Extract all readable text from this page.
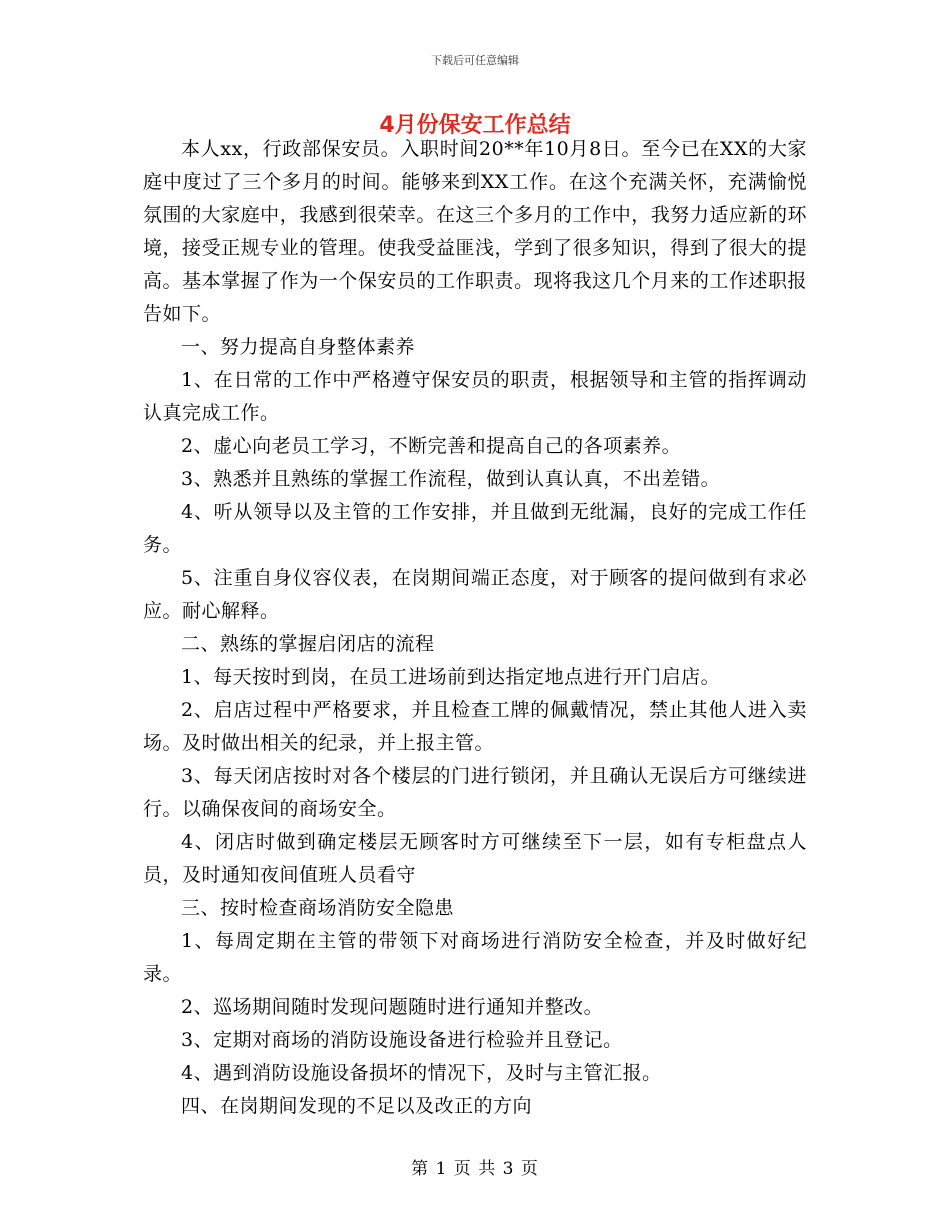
下载后可任意编辑
4月份保安工作总结

本人xx，行政部保安员。入职时间20**年10月8日。至今已在XX的大家庭中度过了三个多月的时间。能够来到XX工作。在这个充满关怀，充满愉悦氛围的大家庭中，我感到很荣幸。在这三个多月的工作中，我努力适应新的环境，接受正规专业的管理。使我受益匪浅，学到了很多知识，得到了很大的提高。基本掌握了作为一个保安员的工作职责。现将我这几个月来的工作述职报告如下。

一、努力提高自身整体素养

1、在日常的工作中严格遵守保安员的职责，根据领导和主管的指挥调动认真完成工作。

2、虚心向老员工学习，不断完善和提高自己的各项素养。

3、熟悉并且熟练的掌握工作流程，做到认真认真，不出差错。

4、听从领导以及主管的工作安排，并且做到无纰漏，良好的完成工作任务。

5、注重自身仪容仪表，在岗期间端正态度，对于顾客的提问做到有求必应。耐心解释。

二、熟练的掌握启闭店的流程

1、每天按时到岗，在员工进场前到达指定地点进行开门启店。

2、启店过程中严格要求，并且检查工牌的佩戴情况，禁止其他人进入卖场。及时做出相关的纪录，并上报主管。

3、每天闭店按时对各个楼层的门进行锁闭，并且确认无误后方可继续进行。以确保夜间的商场安全。

4、闭店时做到确定楼层无顾客时方可继续至下一层，如有专柜盘点人员，及时通知夜间值班人员看守

三、按时检查商场消防安全隐患

1、每周定期在主管的带领下对商场进行消防安全检查，并及时做好纪录。

2、巡场期间随时发现问题随时进行通知并整改。

3、定期对商场的消防设施设备进行检验并且登记。

4、遇到消防设施设备损坏的情况下，及时与主管汇报。

四、在岗期间发现的不足以及改正的方向

第 1 页 共 3 页
